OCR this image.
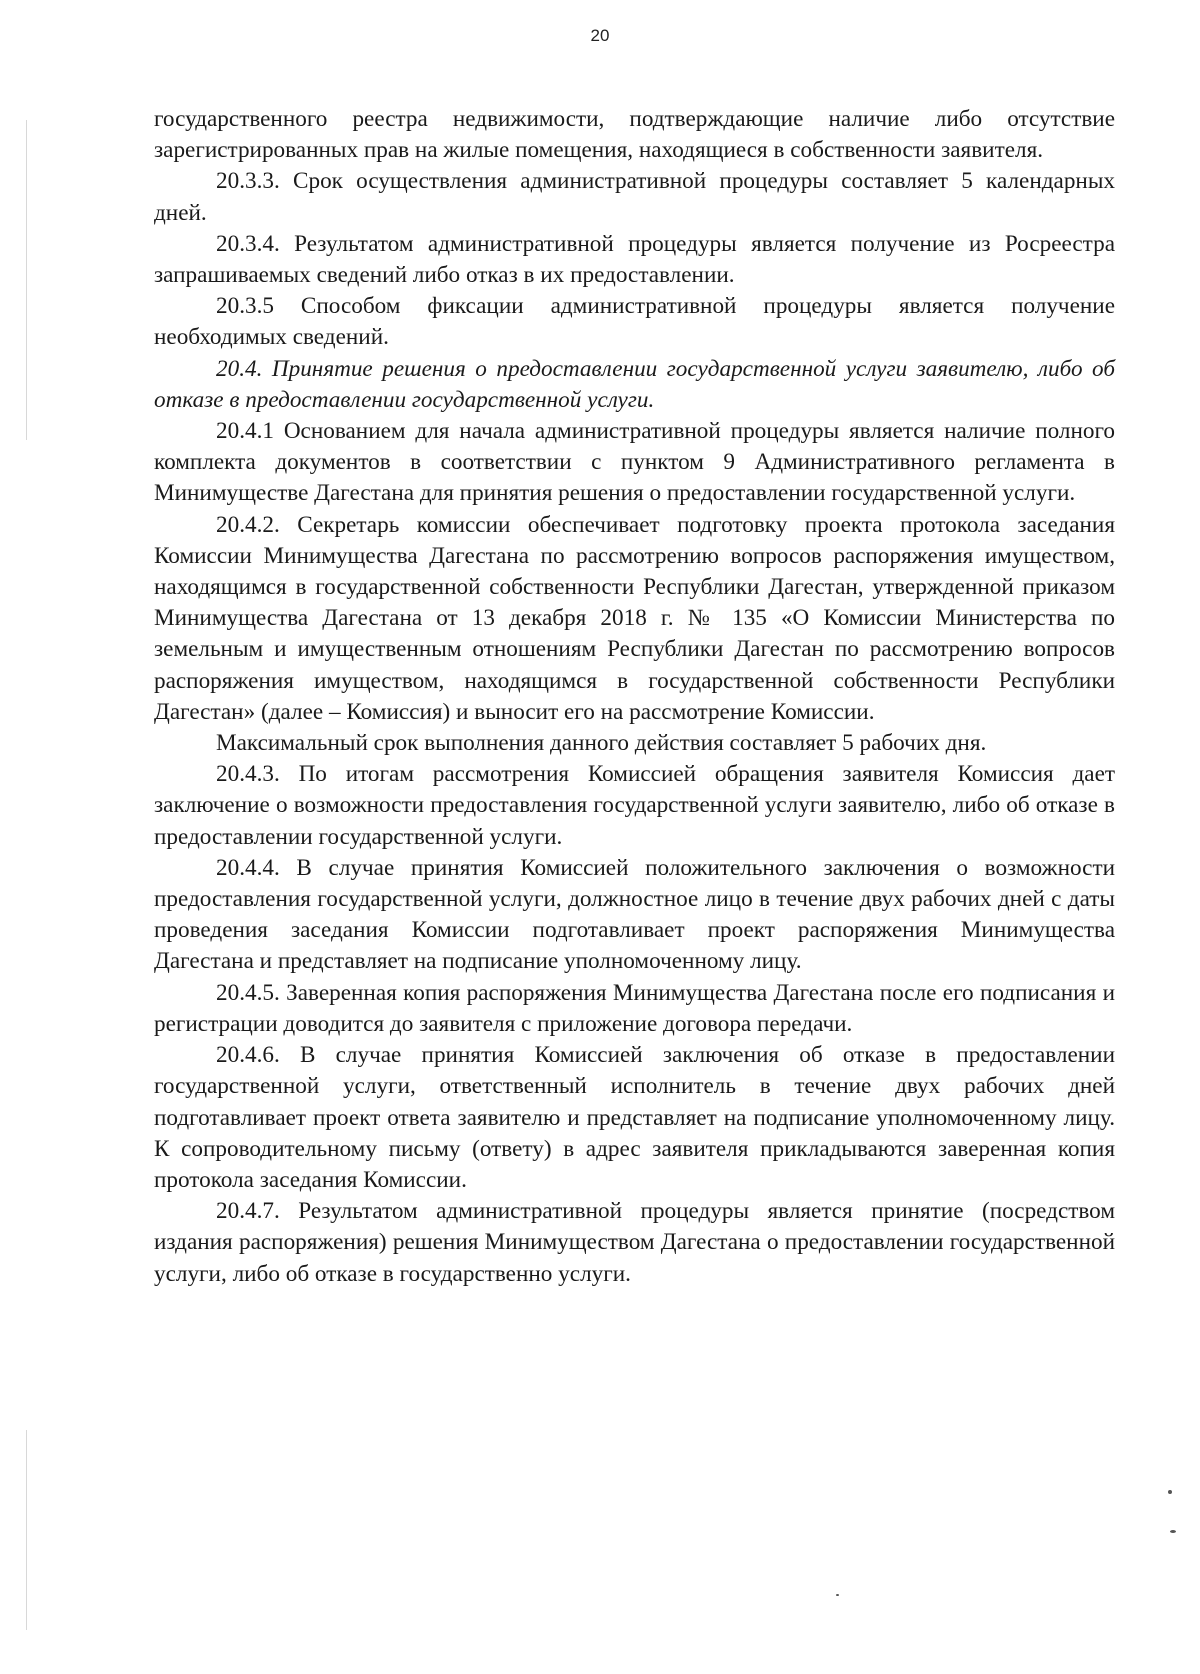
20

государственного реестра недвижимости, подтверждающие наличие либо отсутствие зарегистрированных прав на жилые помещения, находящиеся в собственности заявителя.

20.3.3. Срок осуществления административной процедуры составляет 5 календарных дней.

20.3.4. Результатом административной процедуры является получение из Росреестра запрашиваемых сведений либо отказ в их предоставлении.

20.3.5 Способом фиксации административной процедуры является получение необходимых сведений.

20.4. Принятие решения о предоставлении государственной услуги заявителю, либо об отказе в предоставлении государственной услуги.

20.4.1 Основанием для начала административной процедуры является наличие полного комплекта документов в соответствии с пунктом 9 Административного регламента в Минимуществе Дагестана для принятия решения о предоставлении государственной услуги.

20.4.2. Секретарь комиссии обеспечивает подготовку проекта протокола заседания Комиссии Минимущества Дагестана по рассмотрению вопросов распоряжения имуществом, находящимся в государственной собственности Республики Дагестан, утвержденной приказом Минимущества Дагестана от 13 декабря 2018 г. № 135 «О Комиссии Министерства по земельным и имущественным отношениям Республики Дагестан по рассмотрению вопросов распоряжения имуществом, находящимся в государственной собственности Республики Дагестан» (далее – Комиссия) и выносит его на рассмотрение Комиссии.

Максимальный срок выполнения данного действия составляет 5 рабочих дня.

20.4.3. По итогам рассмотрения Комиссией обращения заявителя Комиссия дает заключение о возможности предоставления государственной услуги заявителю, либо об отказе в предоставлении государственной услуги.

20.4.4. В случае принятия Комиссией положительного заключения о возможности предоставления государственной услуги, должностное лицо в течение двух рабочих дней с даты проведения заседания Комиссии подготавливает проект распоряжения Минимущества Дагестана и представляет на подписание уполномоченному лицу.

20.4.5. Заверенная копия распоряжения Минимущества Дагестана после его подписания и регистрации доводится до заявителя с приложение договора передачи.

20.4.6. В случае принятия Комиссией заключения об отказе в предоставлении государственной услуги, ответственный исполнитель в течение двух рабочих дней подготавливает проект ответа заявителю и представляет на подписание уполномоченному лицу. К сопроводительному письму (ответу) в адрес заявителя прикладываются заверенная копия протокола заседания Комиссии.

20.4.7. Результатом административной процедуры является принятие (посредством издания распоряжения) решения Минимуществом Дагестана о предоставлении государственной услуги, либо об отказе в государственно услуги.
